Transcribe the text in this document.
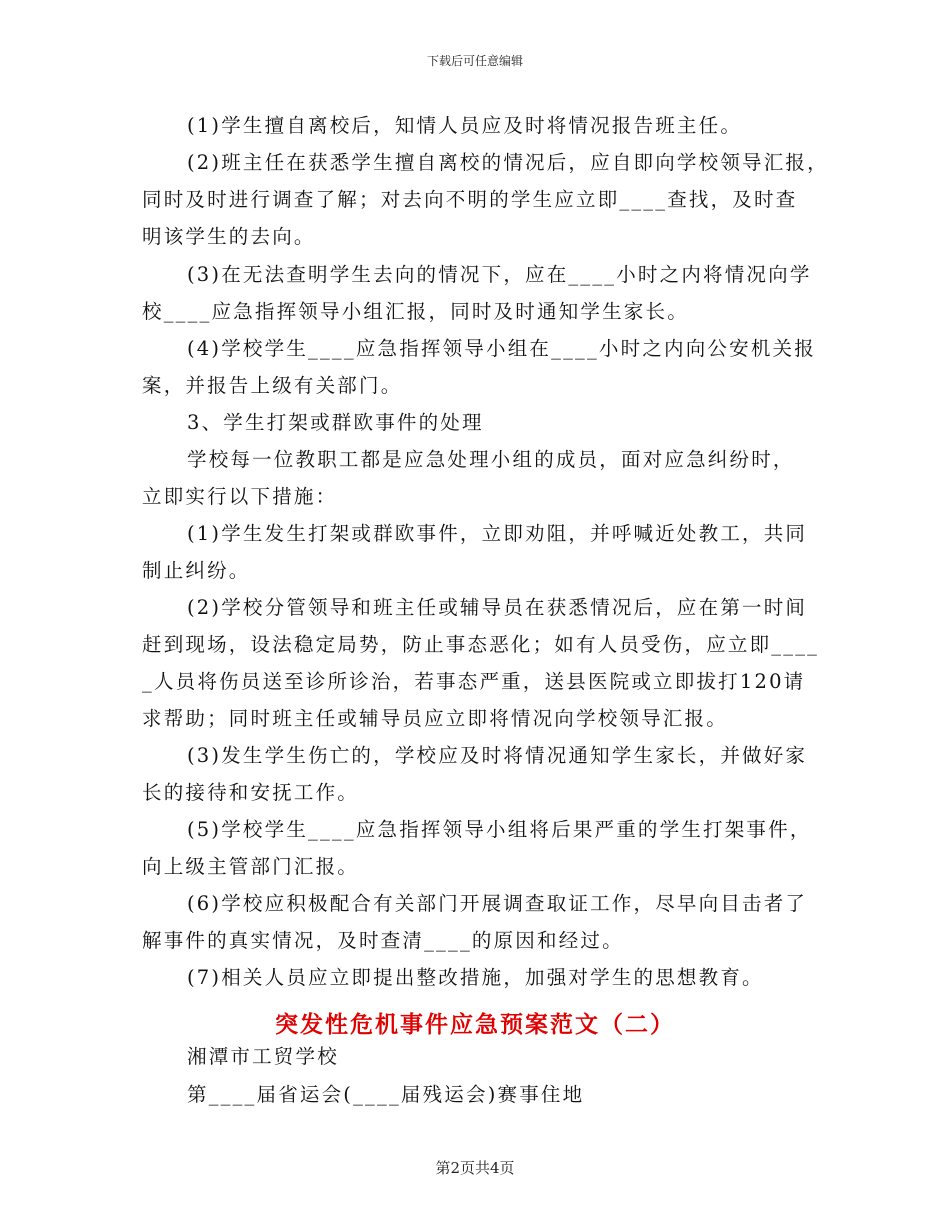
下载后可任意编辑
(1)学生擅自离校后，知情人员应及时将情况报告班主任。
(2)班主任在获悉学生擅自离校的情况后，应自即向学校领导汇报，
同时及时进行调查了解；对去向不明的学生应立即____查找，及时查
明该学生的去向。
(3)在无法查明学生去向的情况下，应在____小时之内将情况向学
校____应急指挥领导小组汇报，同时及时通知学生家长。
(4)学校学生____应急指挥领导小组在____小时之内向公安机关报
案，并报告上级有关部门。
3、学生打架或群欧事件的处理
学校每一位教职工都是应急处理小组的成员，面对应急纠纷时，
立即实行以下措施：
(1)学生发生打架或群欧事件，立即劝阻，并呼喊近处教工，共同
制止纠纷。
(2)学校分管领导和班主任或辅导员在获悉情况后，应在第一时间
赶到现场，设法稳定局势，防止事态恶化；如有人员受伤，应立即____
_人员将伤员送至诊所诊治，若事态严重，送县医院或立即拔打120请
求帮助；同时班主任或辅导员应立即将情况向学校领导汇报。
(3)发生学生伤亡的，学校应及时将情况通知学生家长，并做好家
长的接待和安抚工作。
(5)学校学生____应急指挥领导小组将后果严重的学生打架事件，
向上级主管部门汇报。
(6)学校应积极配合有关部门开展调查取证工作，尽早向目击者了
解事件的真实情况，及时查清____的原因和经过。
(7)相关人员应立即提出整改措施，加强对学生的思想教育。
突发性危机事件应急预案范文（二）
湘潭市工贸学校
第____届省运会(____届残运会)赛事住地
第2页共4页
